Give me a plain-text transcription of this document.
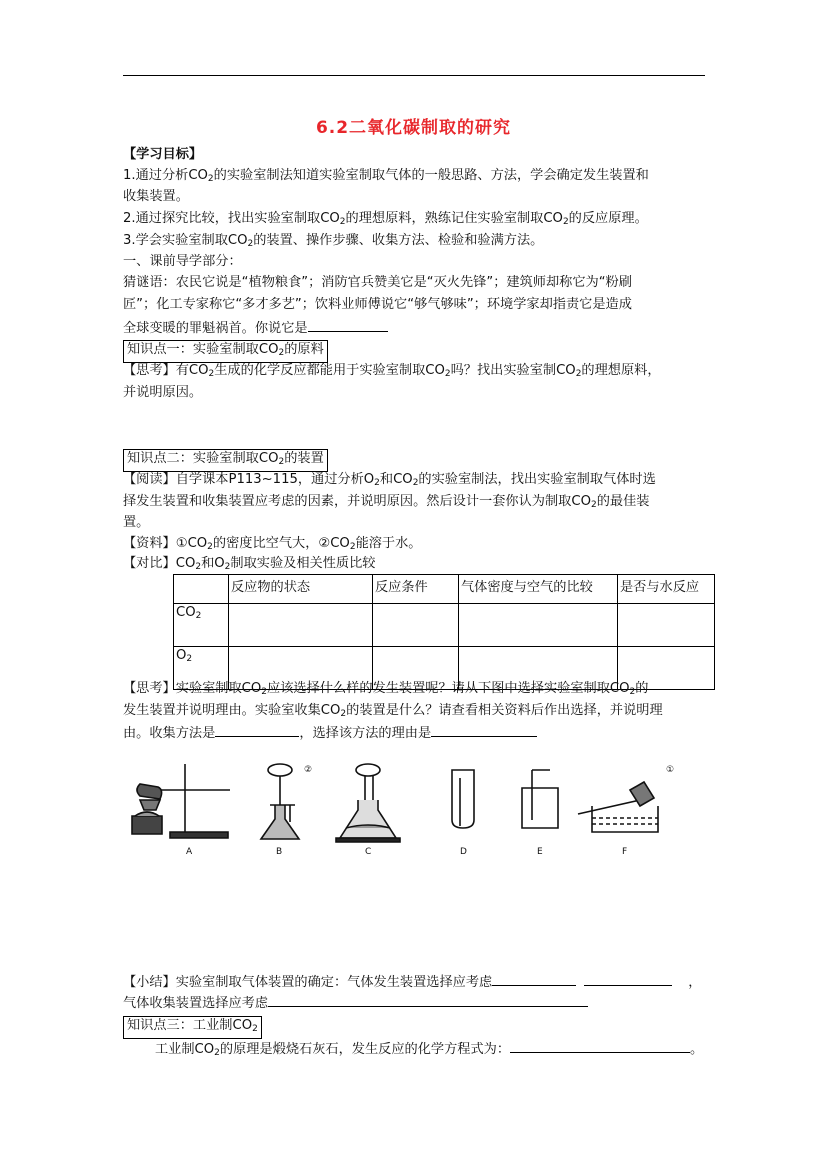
6.2二氧化碳制取的研究
【学习目标】
1.通过分析$CO_2$的实验室制法知道实验室制取气体的一般思路、方法，学会确定发生装置和
收集装置。
2.通过探究比较，找出实验室制取$CO_2$的理想原料，熟练记住实验室制取$CO_2$的反应原理。
3.学会实验室制取$CO_2$的装置、操作步骤、收集方法、检验和验满方法。
一、课前导学部分：
猜谜语：农民它说是“植物粮食”；消防官兵赞美它是“灭火先锋”；建筑师却称它为“粉刷
匠”；化工专家称它“多才多艺”；饮料业师傅说它“够气够味”；环境学家却指责它是造成
全球变暖的罪魁祸首。你说它是
知识点一：实验室制取$CO_2$的原料
【思考】有$CO_2$生成的化学反应都能用于实验室制取$CO_2$吗？找出实验室制$CO_2$的理想原料，
并说明原因。
知识点二：实验室制取$CO_2$的装置
【阅读】自学课本P113~115，通过分析$O_2$和$CO_2$的实验室制法，找出实验室制取气体时选
择发生装置和收集装置应考虑的因素，并说明原因。然后设计一套你认为制取$CO_2$的最佳装
置。
【资料】$①CO_2$的密度比空气大，$②CO_2$能溶于水。
【对比】$CO_2$和$O_2$制取实验及相关性质比较
	反应物的状态	反应条件	气体密度与空气的比较	是否与水反应
$CO_2$				
$O_2$				
【思考】实验室制取$CO_2$应该选择什么样的发生装置呢？请从下图中选择实验室制取$CO_2$的
发生装置并说明理由。实验室收集$CO_2$的装置是什么？请查看相关资料后作出选择，并说明理
由。收集方法是	，选择该方法的理由是
②	①
A	B	C	D	E	F
【小结】实验室制取气体装置的确定：气体发生装置选择应考虑	，
气体收集装置选择应考虑
知识点三：工业制$CO_2$
工业制$CO_2$的原理是煅烧石灰石，发生反应的化学方程式为：	。
